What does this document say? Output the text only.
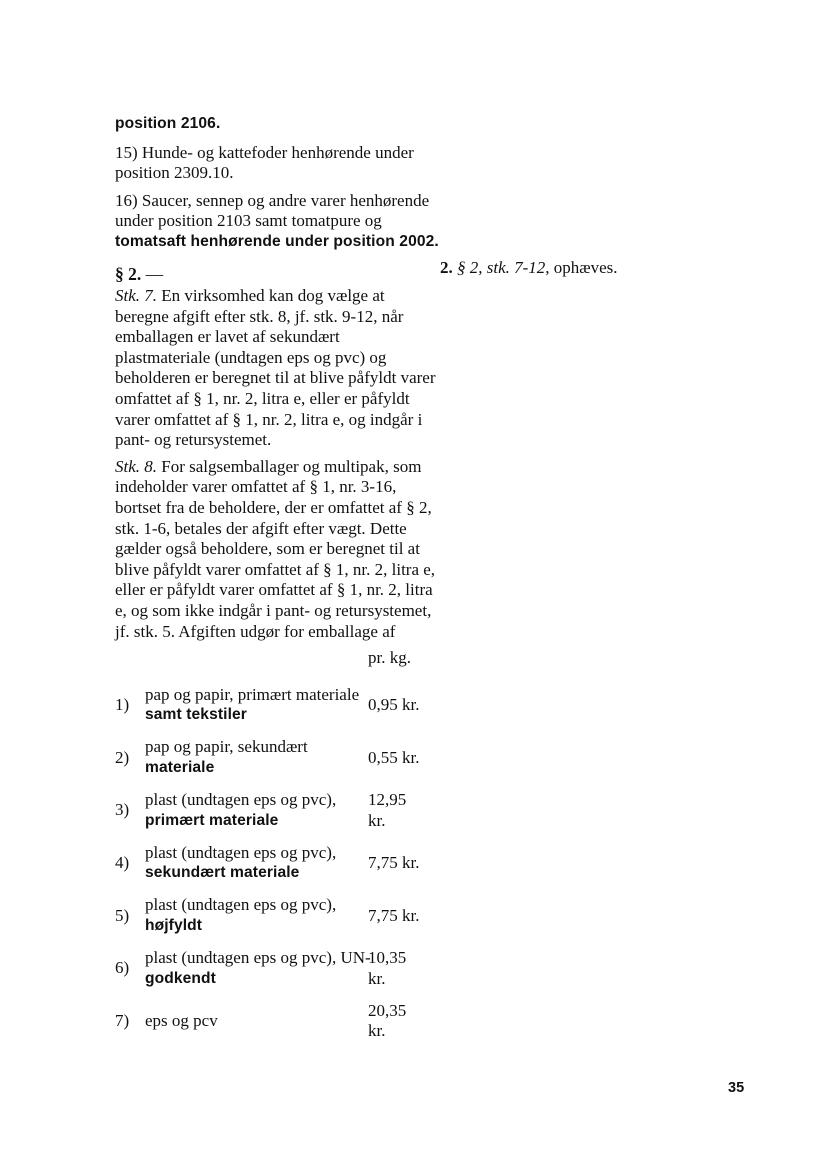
position 2106.

15) Hunde- og kattefoder henhørende under position 2309.10.

16) Saucer, sennep og andre varer henhørende under position 2103 samt tomatpure og
tomatsaft henhørende under position 2002.

§ 2. —	2. § 2, stk. 7-12, ophæves.

Stk. 7. En virksomhed kan dog vælge at beregne afgift efter stk. 8, jf. stk. 9-12, når emballagen er lavet af sekundært plastmateriale (undtagen eps og pvc) og beholderen er beregnet til at blive påfyldt varer omfattet af § 1, nr. 2, litra e, eller er påfyldt varer omfattet af § 1, nr. 2, litra e, og indgår i pant- og retursystemet.

Stk. 8. For salgsemballager og multipak, som indeholder varer omfattet af § 1, nr. 3-16, bortset fra de beholdere, der er omfattet af § 2, stk. 1-6, betales der afgift efter vægt. Dette gælder også beholdere, som er beregnet til at blive påfyldt varer omfattet af § 1, nr. 2, litra e, eller er påfyldt varer omfattet af § 1, nr. 2, litra e, og som ikke indgår i pant- og retursystemet, jf. stk. 5. Afgiften udgør for emballage af

pr. kg.
1)
pap og papir, primært materiale
samt tekstiler
0,95 kr.
2)
pap og papir, sekundært
materiale
0,55 kr.
3)
plast (undtagen eps og pvc),
primært materiale
12,95 kr.
4)
plast (undtagen eps og pvc),
sekundært materiale
7,75 kr.
5)
plast (undtagen eps og pvc),
højfyldt
7,75 kr.
6)
plast (undtagen eps og pvc), UN-
godkendt
10,35 kr.
7) eps og pcv
20,35 kr.
35
